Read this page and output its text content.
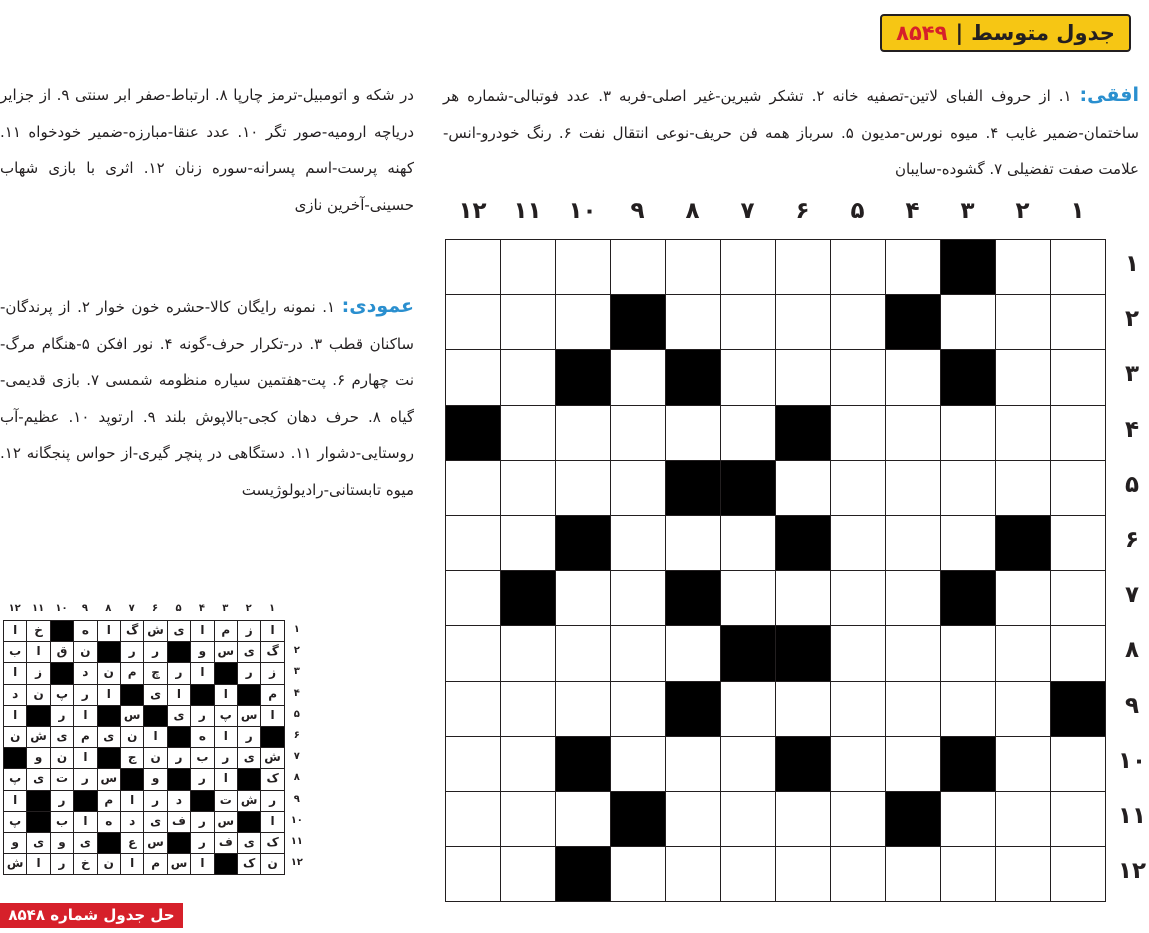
جدول متوسط
|
۸۵۴۹
افقی: ۱. از حروف الفبای لاتین-تصفیه خانه ۲. تشکر شیرین-غیر اصلی-فربه ۳. عدد فوتبالی-شماره هر ساختمان-ضمیر غایب ۴. میوه نورس-مدیون ۵. سرباز همه فن حریف-نوعی انتقال نفت ۶. رنگ خودرو-انس-علامت صفت تفضیلی ۷. گشوده-سایبان
در شکه و اتومبیل-ترمز چارپا ۸. ارتباط-صفر ابر سنتی ۹. از جزایر دریاچه ارومیه-صور تگر ۱۰. عدد عنقا-مبارزه-ضمیر خودخواه ۱۱. کهنه پرست-اسم پسرانه-سوره زنان ۱۲. اثری با بازی شهاب حسینی-آخرین نازی
عمودی: ۱. نمونه رایگان کالا-حشره خون خوار ۲. از پرندگان-ساکنان قطب ۳. در-تکرار حرف-گونه ۴. نور افکن ۵-هنگام مرگ-نت چهارم ۶. پت-هفتمین سیاره منظومه شمسی ۷. بازی قدیمی-گیاه ۸. حرف دهان کجی-بالاپوش بلند ۹. ارتوپد ۱۰. عظیم-آب روستایی-دشوار ۱۱. دستگاهی در پنچر گیری-از حواس پنجگانه ۱۲. میوه تابستانی-رادیولوژیست
۱
۲
۳
۴
۵
۶
۷
۸
۹
۱۰
۱۱
۱۲
۱
۲
۳
۴
۵
۶
۷
۸
۹
۱۰
۱۱
۱۲
ا
ز
م
ا
ی
ش
گ
ا
ه
خ
ا
گ
ی
س
و
ر
ر
ن
ق
ا
ب
ز
ر
ا
ر
چ
م
ن
د
ز
ا
م
ا
ا
ی
ا
ر
پ
ن
د
ا
س
پ
ر
ی
س
ا
ر
ا
ر
ا
ه
ا
ن
ی
م
ی
ش
ن
ش
ی
ر
ب
ر
ن
ج
ا
ن
و
ک
ا
ر
و
س
ر
ت
ی
پ
ر
ش
ت
د
ر
ا
م
ر
ا
ا
س
ر
ف
ی
د
ه
ا
ب
پ
ک
ی
ف
ر
س
ع
ی
و
ی
و
ن
ک
ا
س
م
ا
ن
خ
ر
ا
ش
۱
۲
۳
۴
۵
۶
۷
۸
۹
۱۰
۱۱
۱۲
۱
۲
۳
۴
۵
۶
۷
۸
۹
۱۰
۱۱
۱۲
حل جدول شماره ۸۵۴۸
